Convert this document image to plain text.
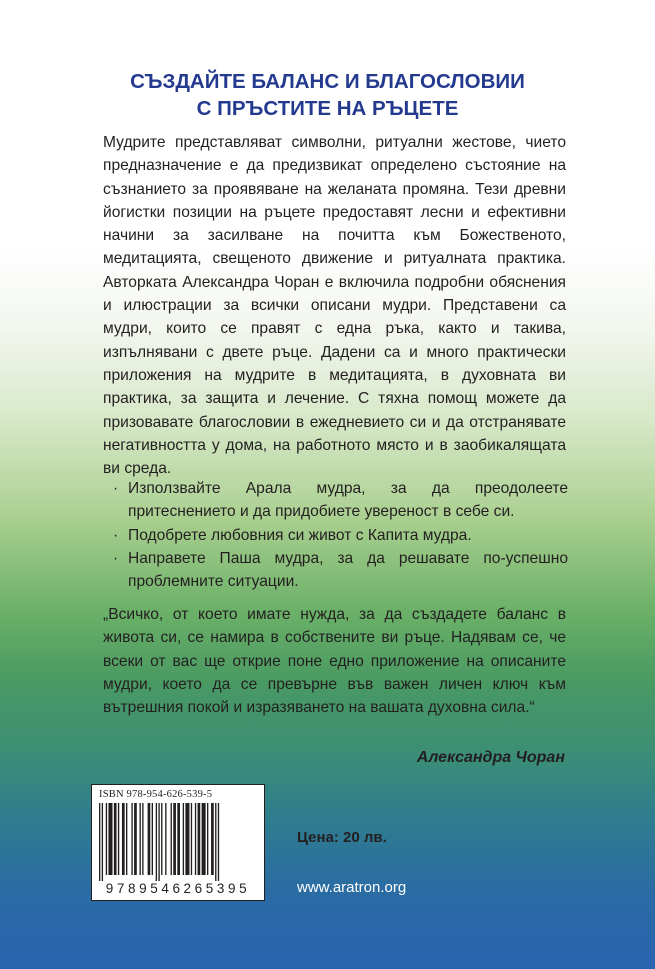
СЪЗДАЙТЕ БАЛАНС И БЛАГОСЛОВИИ
С ПРЪСТИТЕ НА РЪЦЕТЕ

Мудрите представляват символни, ритуални жестове, чието предназначение е да предизвикат определено състояние на съзнанието за проявяване на желаната промяна. Тези древни йогистки позиции на ръцете предоставят лесни и ефективни начини за засилване на почитта към Божественото, медитацията, свещеното движение и ритуалната практика. Авторката Александра Чоран е включила подробни обяснения и илюстрации за всички описани мудри. Представени са мудри, които се правят с една ръка, както и такива, изпълнявани с двете ръце. Дадени са и много практически приложения на мудрите в медитацията, в духовната ви практика, за защита и лечение. С тяхна помощ можете да призовавате благословии в ежедневието си и да отстранявате негативността у дома, на работното място и в заобикалящата ви среда.

· Използвайте Арала мудра, за да преодолеете притеснението и да придобиете увереност в себе си.
· Подобрете любовния си живот с Капита мудра.
· Направете Паша мудра, за да решавате по-успешно проблемните ситуации.
„Всичко, от което имате нужда, за да създадете баланс в живота си, се намира в собствените ви ръце. Надявам се, че всеки от вас ще открие поне едно приложение на описаните мудри, което да се превърне във важен личен ключ към вътрешния покой и изразяването на вашата духовна сила.“
Александра Чоран
ISBN 978-954-626-539-5
9789546265395
Цена: 20 лв.
www.aratron.org
